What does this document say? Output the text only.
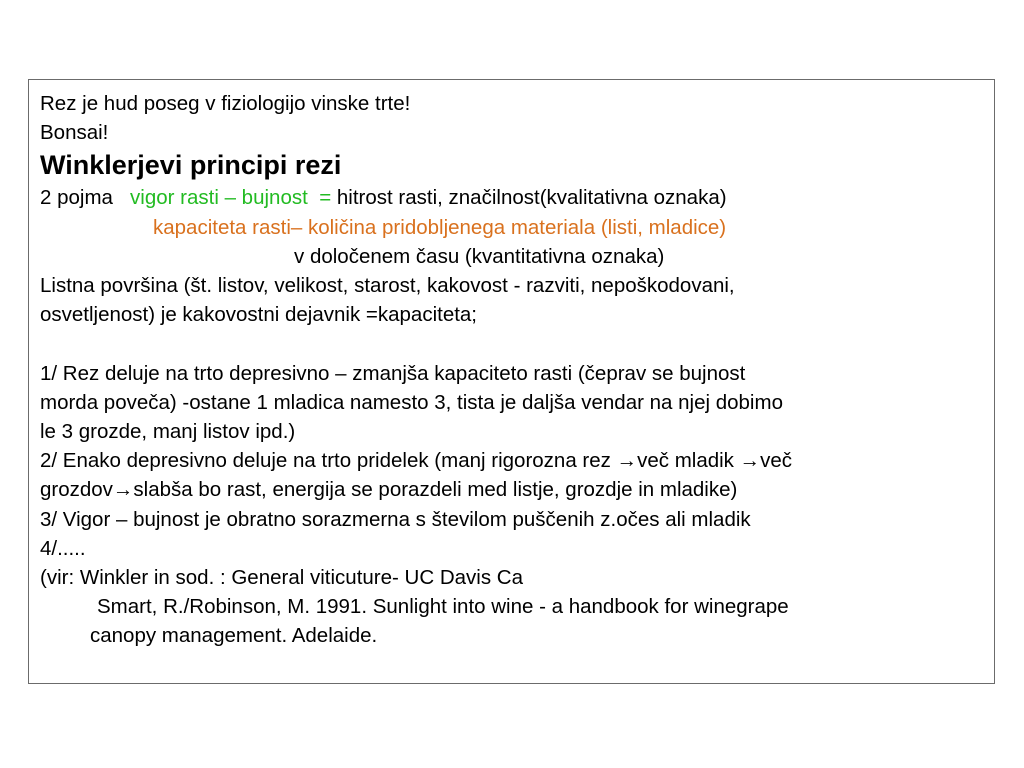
Rez je hud poseg v fiziologijo vinske trte!

Bonsai!

Winklerjevi principi rezi

2 pojma vigor rasti – bujnost = hitrost rasti, značilnost(kvalitativna oznaka)

kapaciteta rasti– količina pridobljenega materiala (listi, mladice)

v določenem času (kvantitativna oznaka)

Listna površina (št. listov, velikost, starost, kakovost - razviti, nepoškodovani,

osvetljenost) je kakovostni dejavnik =kapaciteta;

1/ Rez deluje na trto depresivno – zmanjša kapaciteto rasti (čeprav se bujnost

morda poveča) -ostane 1 mladica namesto 3, tista je daljša vendar na njej dobimo

le 3 grozde, manj listov ipd.)

2/ Enako depresivno deluje na trto pridelek (manj rigorozna rez →več mladik →več

grozdov→slabša bo rast, energija se porazdeli med listje, grozdje in mladike)

3/ Vigor – bujnost je obratno sorazmerna s številom puščenih z.očes ali mladik

4/.....

(vir: Winkler in sod. : General viticuture- UC Davis Ca

Smart, R./Robinson, M. 1991. Sunlight into wine - a handbook for winegrape

canopy management. Adelaide.
